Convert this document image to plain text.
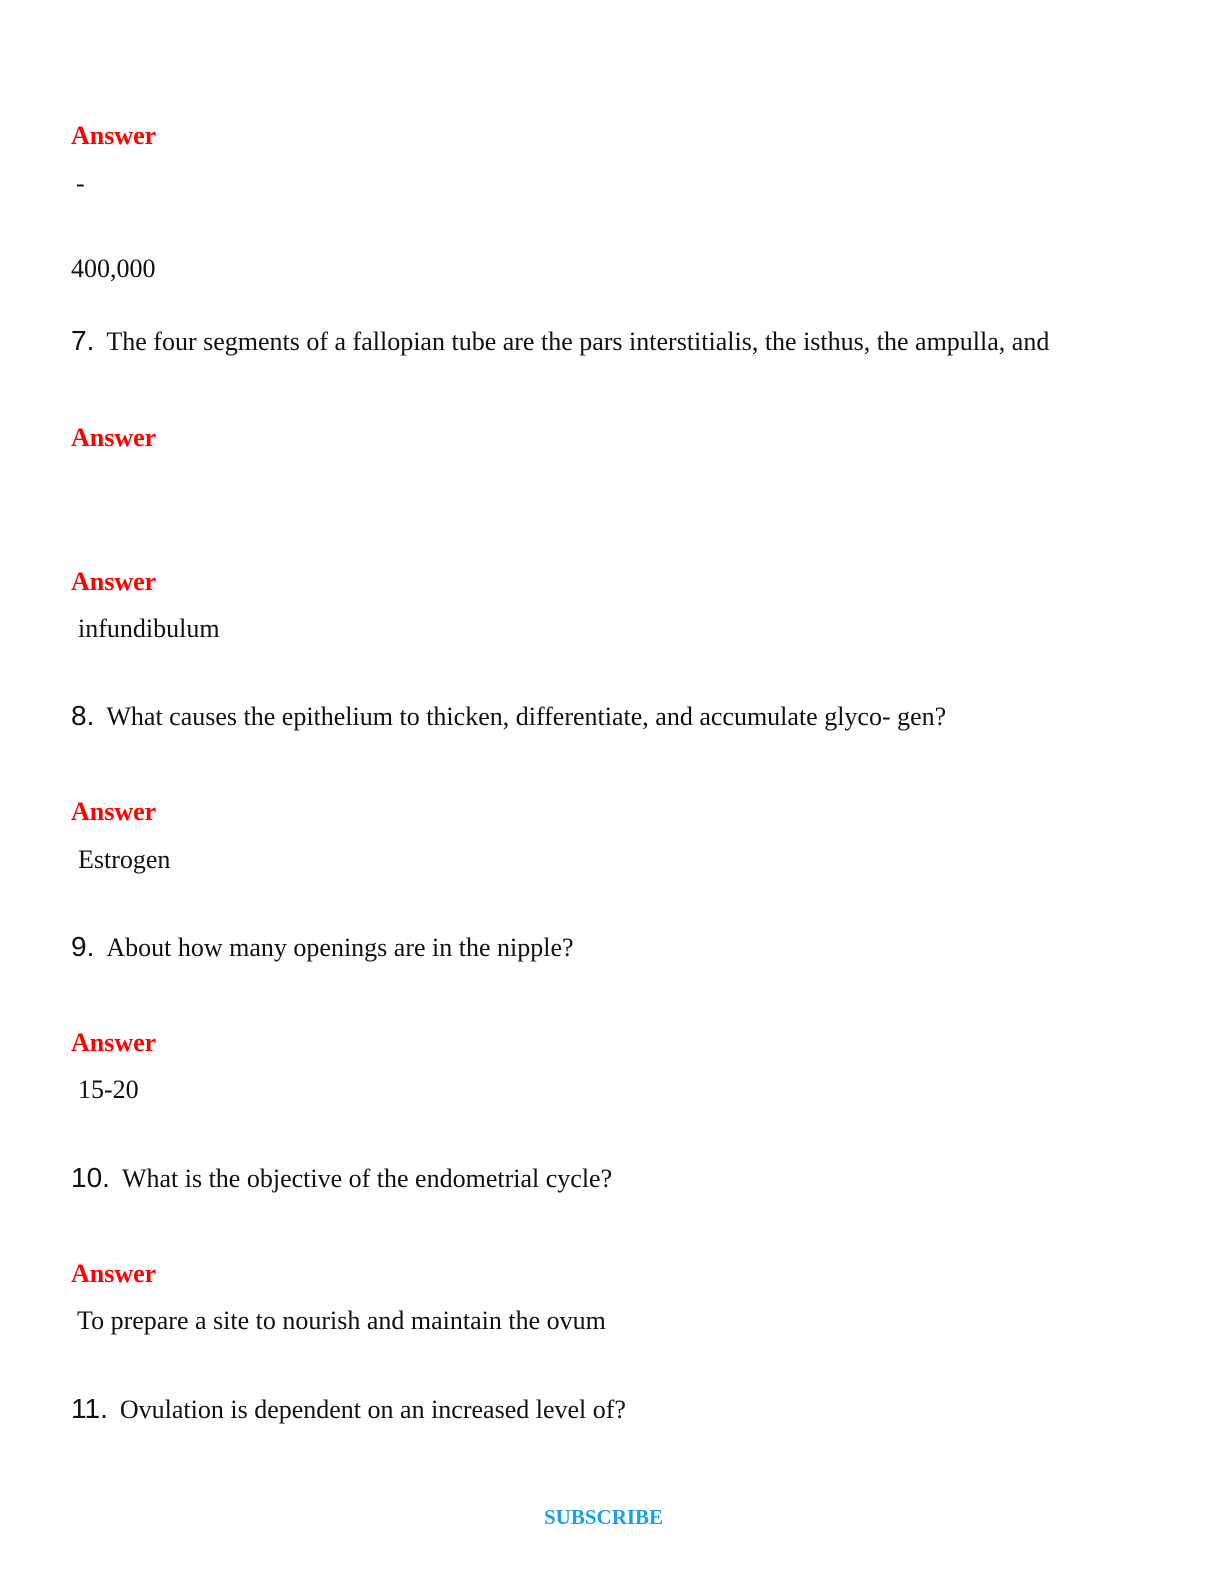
Answer
-
400,000
7. The four segments of a fallopian tube are the pars interstitialis, the isthus, the ampulla, and
Answer
Answer
infundibulum
8. What causes the epithelium to thicken, differentiate, and accumulate glyco- gen?
Answer
Estrogen
9. About how many openings are in the nipple?
Answer
15-20
10. What is the objective of the endometrial cycle?
Answer
To prepare a site to nourish and maintain the ovum
11. Ovulation is dependent on an increased level of?
SUBSCRIBE
